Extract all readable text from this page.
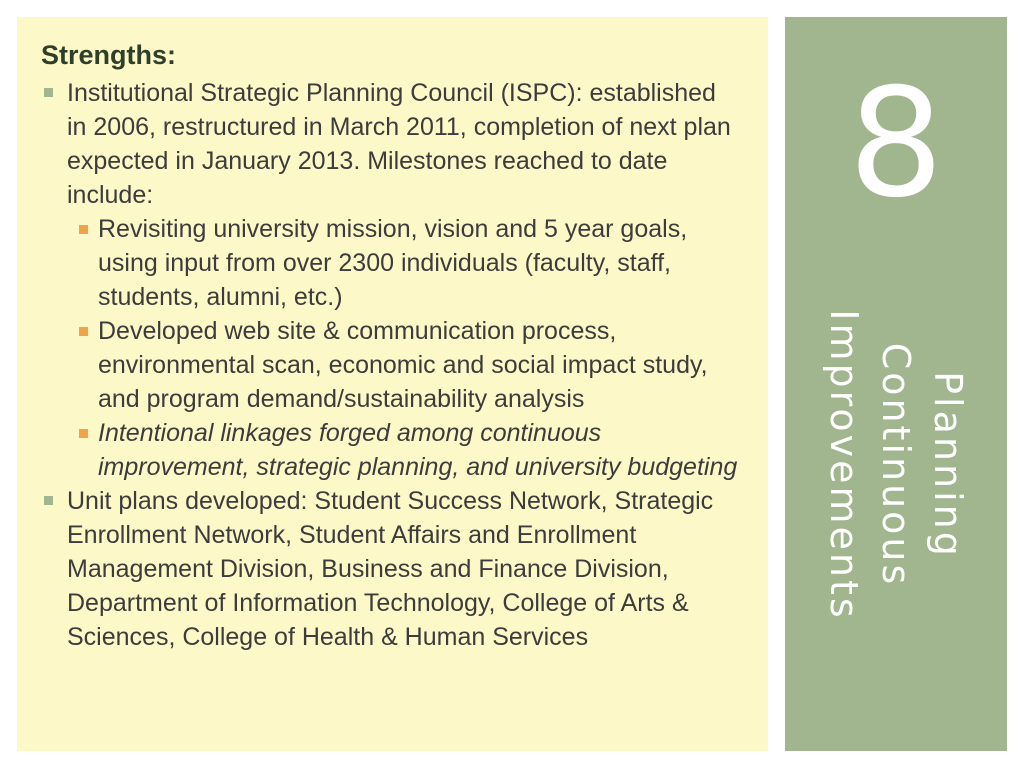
8
Planning
Continuous
Improvements
Strengths:
Institutional Strategic Planning Council (ISPC): established in 2006, restructured in March 2011, completion of next plan expected in January 2013. Milestones reached to date include:
Revisiting university mission, vision and 5 year goals, using input from over 2300 individuals (faculty, staff, students, alumni, etc.)
Developed web site & communication process, environmental scan, economic and social impact study, and program demand/sustainability analysis
Intentional linkages forged among continuous improvement, strategic planning, and university budgeting
Unit plans developed: Student Success Network, Strategic Enrollment Network, Student Affairs and Enrollment Management Division, Business and Finance Division, Department of Information Technology, College of Arts & Sciences, College of Health & Human Services
